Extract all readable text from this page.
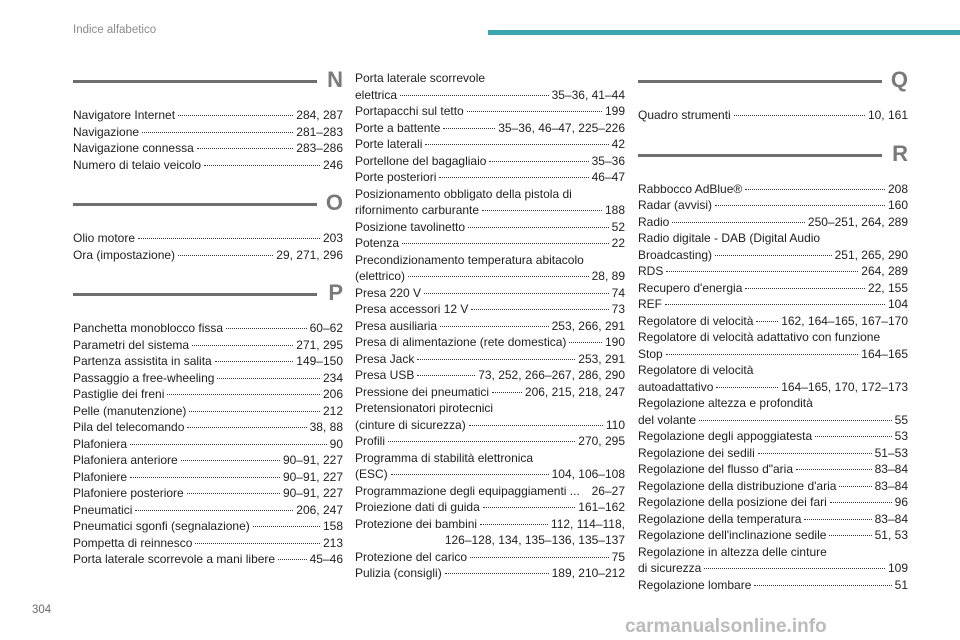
Indice alfabetico
N
Navigatore Internet	284, 287
Navigazione	281–283
Navigazione connessa	283–286
Numero di telaio veicolo	246
O
Olio motore	203
Ora (impostazione)	29, 271, 296
P
Panchetta monoblocco fissa	60–62
Parametri del sistema	271, 295
Partenza assistita in salita	149–150
Passaggio a free-wheeling	234
Pastiglie dei freni	206
Pelle (manutenzione)	212
Pila del telecomando	38, 88
Plafoniera	90
Plafoniera anteriore	90–91, 227
Plafoniere	90–91, 227
Plafoniere posteriore	90–91, 227
Pneumatici	206, 247
Pneumatici sgonfi (segnalazione)	158
Pompetta di reinnesco	213
Porta laterale scorrevole a mani libere	45–46
Porta laterale scorrevole
elettrica	35–36, 41–44
Portapacchi sul tetto	199
Porte a battente	35–36, 46–47, 225–226
Porte laterali	42
Portellone del bagagliaio	35–36
Porte posteriori	46–47
Posizionamento obbligato della pistola di
rifornimento carburante	188
Posizione tavolinetto	52
Potenza	22
Precondizionamento temperatura abitacolo
(elettrico)	28, 89
Presa 220 V	74
Presa accessori 12 V	73
Presa ausiliaria	253, 266, 291
Presa di alimentazione (rete domestica)	190
Presa Jack	253, 291
Presa USB	73, 252, 266–267, 286, 290
Pressione dei pneumatici	206, 215, 218, 247
Pretensionatori pirotecnici
(cinture di sicurezza)	110
Profili	270, 295
Programma di stabilità elettronica
(ESC)	104, 106–108
Programmazione degli equipaggiamenti ... 26–27
Proiezione dati di guida	161–162
Protezione dei bambini	112, 114–118,
126–128, 134, 135–136, 135–137
Protezione del carico	75
Pulizia (consigli)	189, 210–212
Q
Quadro strumenti	10, 161
R
Rabbocco AdBlue®	208
Radar (avvisi)	160
Radio	250–251, 264, 289
Radio digitale - DAB (Digital Audio
Broadcasting)	251, 265, 290
RDS	264, 289
Recupero d'energia	22, 155
REF	104
Regolatore di velocità 162, 164–165, 167–170
Regolatore di velocità adattativo con funzione
Stop	164–165
Regolatore di velocità
autoadattativo	164–165, 170, 172–173
Regolazione altezza e profondità
del volante	55
Regolazione degli appoggiatesta	53
Regolazione dei sedili	51–53
Regolazione del flusso d"aria	83–84
Regolazione della distribuzione d'aria	83–84
Regolazione della posizione dei fari	96
Regolazione della temperatura	83–84
Regolazione dell'inclinazione sedile	51, 53
Regolazione in altezza delle cinture
di sicurezza	109
Regolazione lombare	51
304
carmanualsonline.info
